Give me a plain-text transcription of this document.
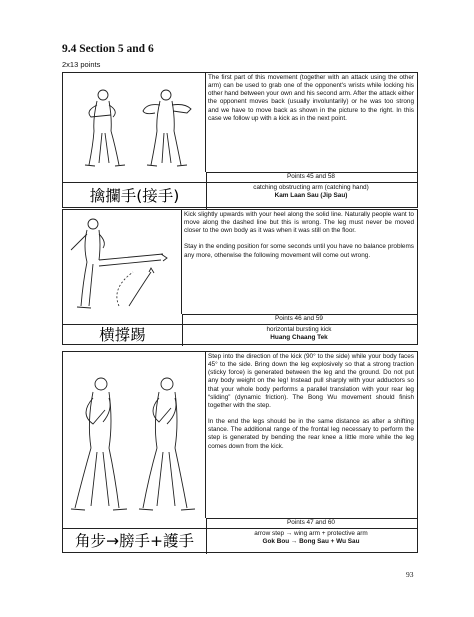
9.4 Section 5 and 6
2x13 points

The first part of this movement (together with an attack using the other arm) can be used to grab one of the opponent's wrists while locking his other hand between your own and his second arm. After the attack either the opponent moves back (usually involuntarily) or he was too strong and we have to move back as shown in the picture to the right. In this case we follow up with a kick as in the next point.

Points 45 and 58
擒攔手(接手)	catching obstructing arm (catching hand)
Kam Laan Sau (Jip Sau)

Kick slightly upwards with your heel along the solid line. Naturally people want to move along the dashed line but this is wrong. The leg must never be moved closer to the own body as it was when it was still on the floor.

Stay in the ending position for some seconds until you have no balance problems any more, otherwise the following movement will come out wrong.

Points 46 and 59
横撐踢	horizontal bursting kick
Huang Chaang Tek

Step into the direction of the kick (90° to the side) while your body faces 45° to the side. Bring down the leg explosively so that a strong traction (sticky force) is generated between the leg and the ground. Do not put any body weight on the leg! Instead pull sharply with your adductors so that your whole body performs a parallel translation with your rear leg “sliding” (dynamic friction). The Bong Wu movement should finish together with the step.

In the end the legs should be in the same distance as after a shifting stance. The additional range of the frontal leg necessary to perform the step is generated by bending the rear knee a little more while the leg comes down from the kick.

Points 47 and 60
角步→膀手+護手	arrow step → wing arm + protective arm
Gok Bou → Bong Sau + Wu Sau
93
